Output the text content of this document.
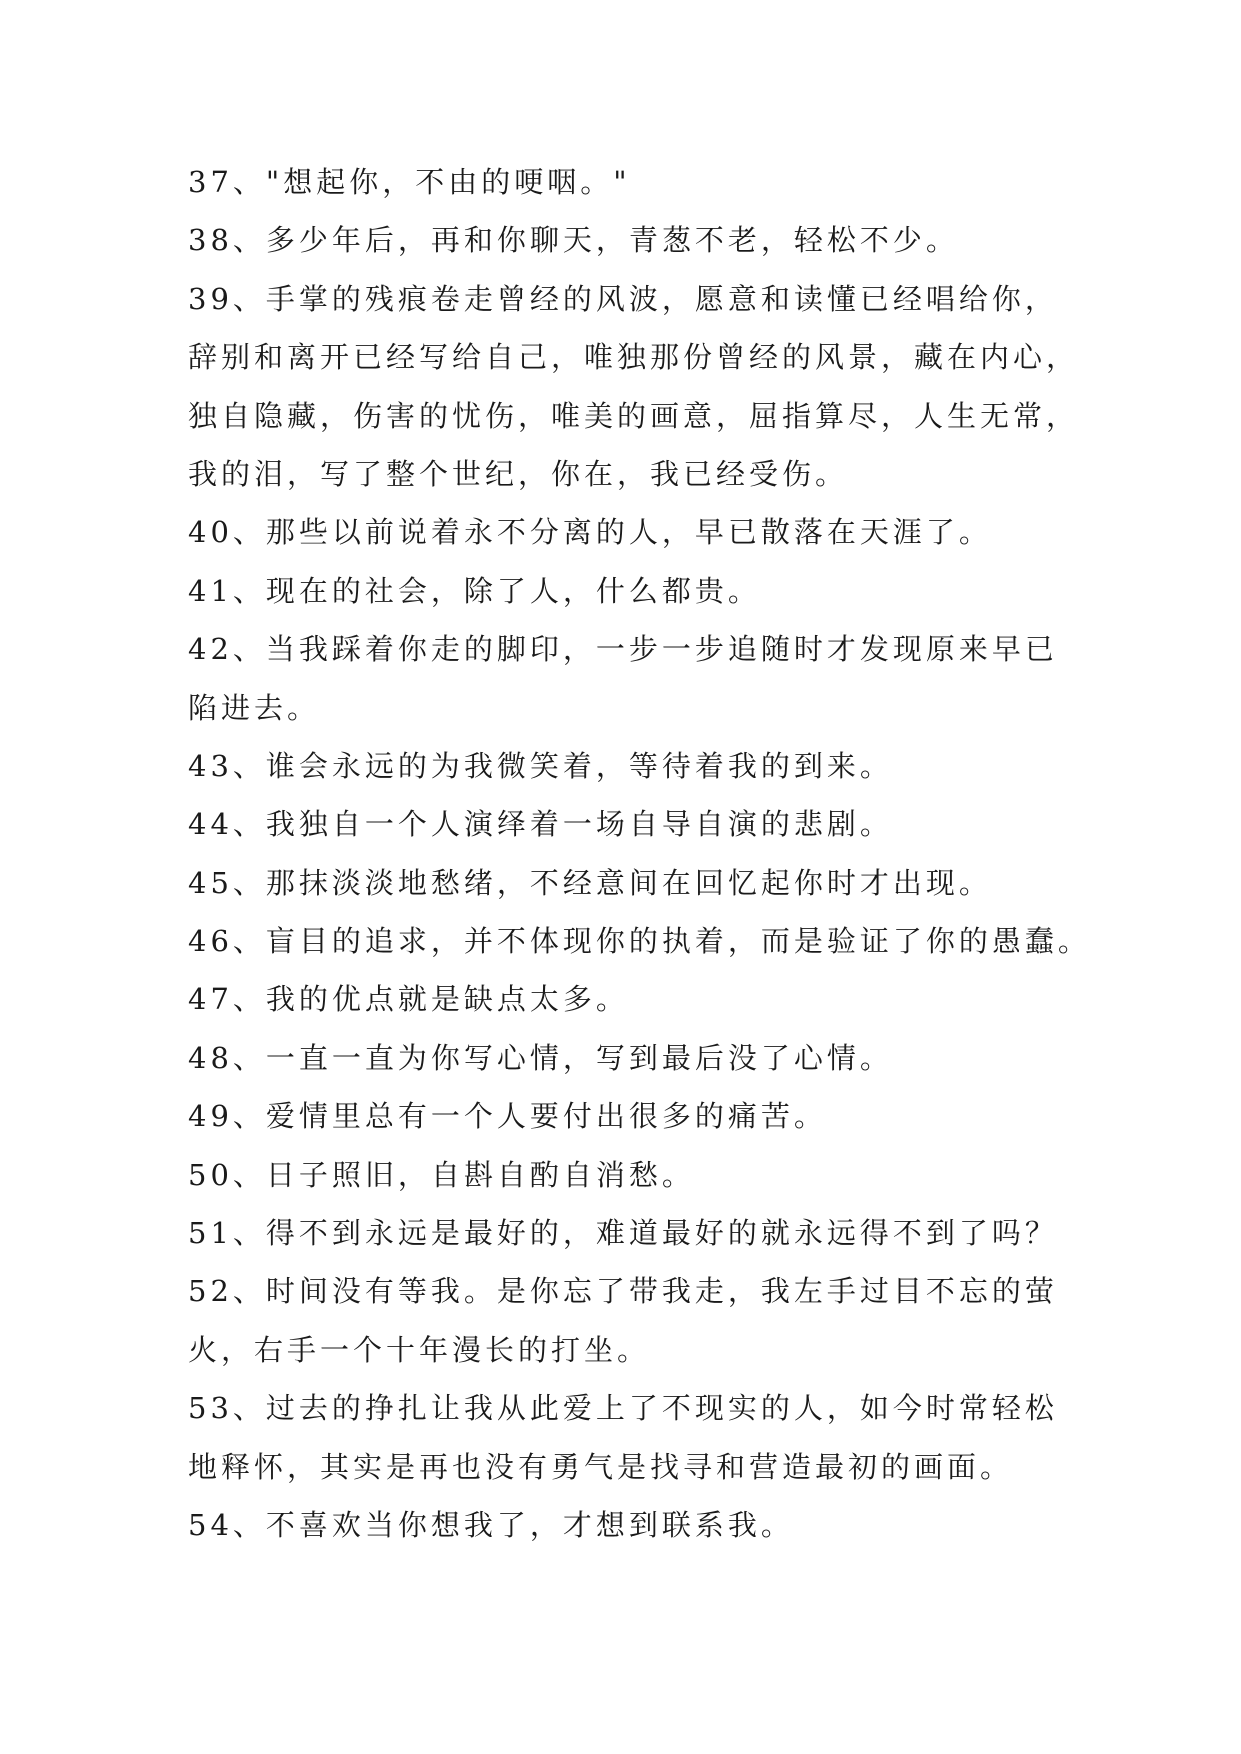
37、"想起你，不由的哽咽。"
38、多少年后，再和你聊天，青葱不老，轻松不少。
39、手掌的残痕卷走曾经的风波，愿意和读懂已经唱给你，
辞别和离开已经写给自己，唯独那份曾经的风景，藏在内心，
独自隐藏，伤害的忧伤，唯美的画意，屈指算尽，人生无常，
我的泪，写了整个世纪，你在，我已经受伤。
40、那些以前说着永不分离的人，早已散落在天涯了。
41、现在的社会，除了人，什么都贵。
42、当我踩着你走的脚印，一步一步追随时才发现原来早已
陷进去。
43、谁会永远的为我微笑着，等待着我的到来。
44、我独自一个人演绎着一场自导自演的悲剧。
45、那抹淡淡地愁绪，不经意间在回忆起你时才出现。
46、盲目的追求，并不体现你的执着，而是验证了你的愚蠢。
47、我的优点就是缺点太多。
48、一直一直为你写心情，写到最后没了心情。
49、爱情里总有一个人要付出很多的痛苦。
50、日子照旧，自斟自酌自消愁。
51、得不到永远是最好的，难道最好的就永远得不到了吗？
52、时间没有等我。是你忘了带我走，我左手过目不忘的萤
火，右手一个十年漫长的打坐。
53、过去的挣扎让我从此爱上了不现实的人，如今时常轻松
地释怀，其实是再也没有勇气是找寻和营造最初的画面。
54、不喜欢当你想我了，才想到联系我。
